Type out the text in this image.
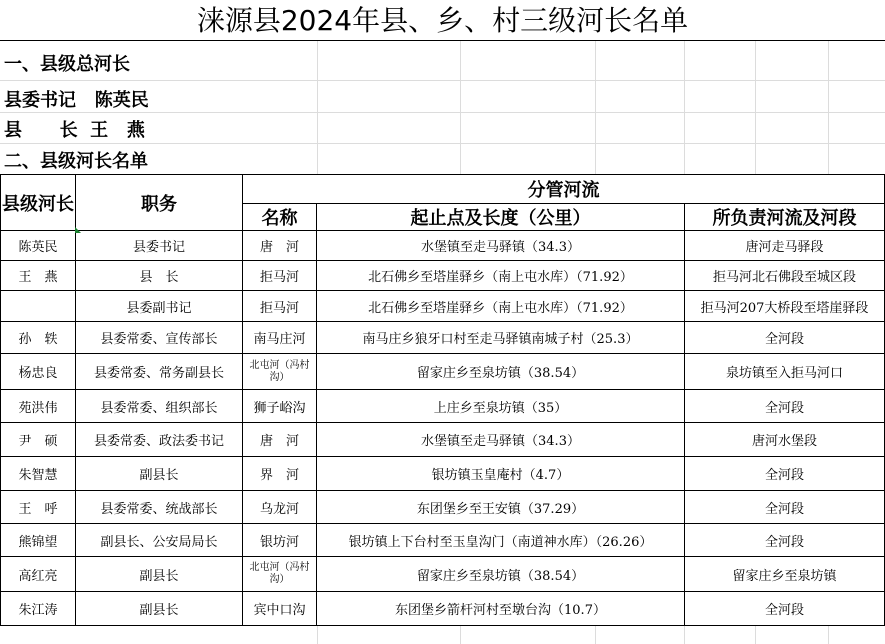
涞源县2024年县、乡、村三级河长名单
一、县级总河长
县委书记   陈英民
县      长  王   燕
二、县级河长名单
县级河长	职务	分管河流		
		名称	起止点及长度（公里）	所负责河流及河段
陈英民	县委书记	唐　河	水堡镇至走马驿镇（34.3）	唐河走马驿段
王　燕	县　长	拒马河	北石佛乡至塔崖驿乡（南上屯水库）（71.92）	拒马河北石佛段至城区段
	县委副书记	拒马河	北石佛乡至塔崖驿乡（南上屯水库）（71.92）	拒马河207大桥段至塔崖驿段
孙　轶	县委常委、宣传部长	南马庄河	南马庄乡狼牙口村至走马驿镇南城子村（25.3）	全河段
杨忠良	县委常委、常务副县长	北屯河（冯村沟）	留家庄乡至泉坊镇（38.54）	泉坊镇至入拒马河口
苑洪伟	县委常委、组织部长	狮子峪沟	上庄乡至泉坊镇（35）	全河段
尹　硕	县委常委、政法委书记	唐　河	水堡镇至走马驿镇（34.3）	唐河水堡段
朱智慧	副县长	界　河	银坊镇玉皇庵村（4.7）	全河段
王　呼	县委常委、统战部长	乌龙河	东团堡乡至王安镇（37.29）	全河段
熊锦望	副县长、公安局局长	银坊河	银坊镇上下台村至玉皇沟门（南道神水库）（26.26）	全河段
高红亮	副县长	北屯河（冯村沟）	留家庄乡至泉坊镇（38.54）	留家庄乡至泉坊镇
朱江涛	副县长	宾中口沟	东团堡乡箭杆河村至墩台沟（10.7）	全河段
